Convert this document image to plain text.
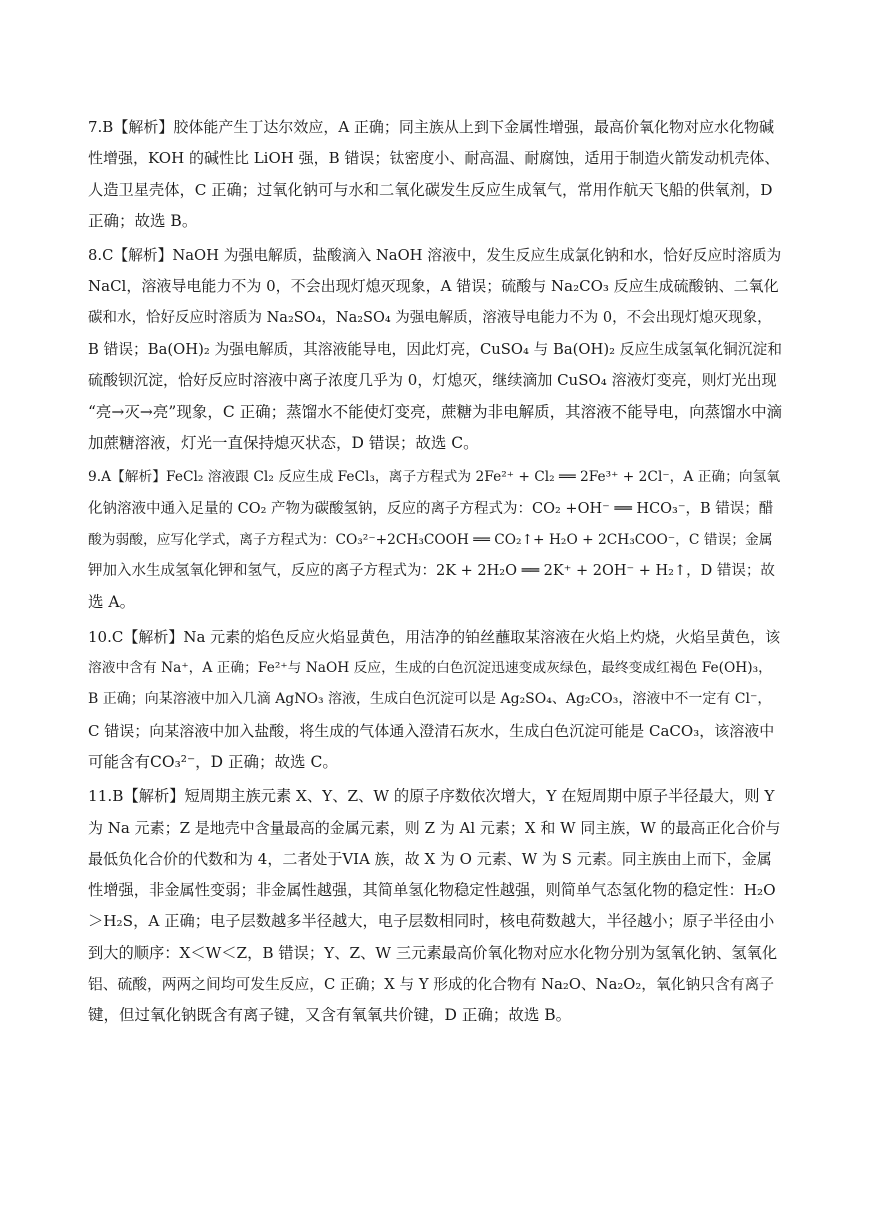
7.B【解析】胶体能产生丁达尔效应，A 正确；同主族从上到下金属性增强，最高价氧化物对应水化物碱
性增强，KOH 的碱性比 LiOH 强，B 错误；钛密度小、耐高温、耐腐蚀，适用于制造火箭发动机壳体、
人造卫星壳体，C 正确；过氧化钠可与水和二氧化碳发生反应生成氧气，常用作航天飞船的供氧剂，D
正确；故选 B。
8.C【解析】NaOH 为强电解质，盐酸滴入 NaOH 溶液中，发生反应生成氯化钠和水，恰好反应时溶质为
NaCl，溶液导电能力不为 0，不会出现灯熄灭现象，A 错误；硫酸与 Na₂CO₃ 反应生成硫酸钠、二氧化
碳和水，恰好反应时溶质为 Na₂SO₄，Na₂SO₄ 为强电解质，溶液导电能力不为 0，不会出现灯熄灭现象，
B 错误；Ba(OH)₂ 为强电解质，其溶液能导电，因此灯亮，CuSO₄ 与 Ba(OH)₂ 反应生成氢氧化铜沉淀和
硫酸钡沉淀，恰好反应时溶液中离子浓度几乎为 0，灯熄灭，继续滴加 CuSO₄ 溶液灯变亮，则灯光出现
“亮→灭→亮”现象，C 正确；蒸馏水不能使灯变亮，蔗糖为非电解质，其溶液不能导电，向蒸馏水中滴
加蔗糖溶液，灯光一直保持熄灭状态，D 错误；故选 C。
9.A【解析】FeCl₂ 溶液跟 Cl₂ 反应生成 FeCl₃，离子方程式为 2Fe²⁺ + Cl₂ ══ 2Fe³⁺ + 2Cl⁻，A 正确；向氢氧
化钠溶液中通入足量的 CO₂ 产物为碳酸氢钠，反应的离子方程式为：CO₂ +OH⁻ ══ HCO₃⁻，B 错误；醋
酸为弱酸，应写化学式，离子方程式为：CO₃²⁻+2CH₃COOH ══ CO₂↑+ H₂O + 2CH₃COO⁻，C 错误；金属
钾加入水生成氢氧化钾和氢气，反应的离子方程式为：2K + 2H₂O ══ 2K⁺ + 2OH⁻ + H₂↑，D 错误；故
选 A。
10.C【解析】Na 元素的焰色反应火焰显黄色，用洁净的铂丝蘸取某溶液在火焰上灼烧，火焰呈黄色，该
溶液中含有 Na⁺，A 正确；Fe²⁺与 NaOH 反应，生成的白色沉淀迅速变成灰绿色，最终变成红褐色 Fe(OH)₃，
B 正确；向某溶液中加入几滴 AgNO₃ 溶液，生成白色沉淀可以是 Ag₂SO₄、Ag₂CO₃，溶液中不一定有 Cl⁻，
C 错误；向某溶液中加入盐酸，将生成的气体通入澄清石灰水，生成白色沉淀可能是 CaCO₃，该溶液中
可能含有CO₃²⁻，D 正确；故选 C。
11.B【解析】短周期主族元素 X、Y、Z、W 的原子序数依次增大，Y 在短周期中原子半径最大，则 Y
为 Na 元素；Z 是地壳中含量最高的金属元素，则 Z 为 Al 元素；X 和 W 同主族，W 的最高正化合价与
最低负化合价的代数和为 4，二者处于VIA 族，故 X 为 O 元素、W 为 S 元素。同主族由上而下，金属
性增强，非金属性变弱；非金属性越强，其简单氢化物稳定性越强，则简单气态氢化物的稳定性：H₂O
＞H₂S，A 正确；电子层数越多半径越大，电子层数相同时，核电荷数越大，半径越小；原子半径由小
到大的顺序：X＜W＜Z，B 错误；Y、Z、W 三元素最高价氧化物对应水化物分别为氢氧化钠、氢氧化
铝、硫酸，两两之间均可发生反应，C 正确；X 与 Y 形成的化合物有 Na₂O、Na₂O₂，氧化钠只含有离子
键，但过氧化钠既含有离子键，又含有氧氧共价键，D 正确；故选 B。
